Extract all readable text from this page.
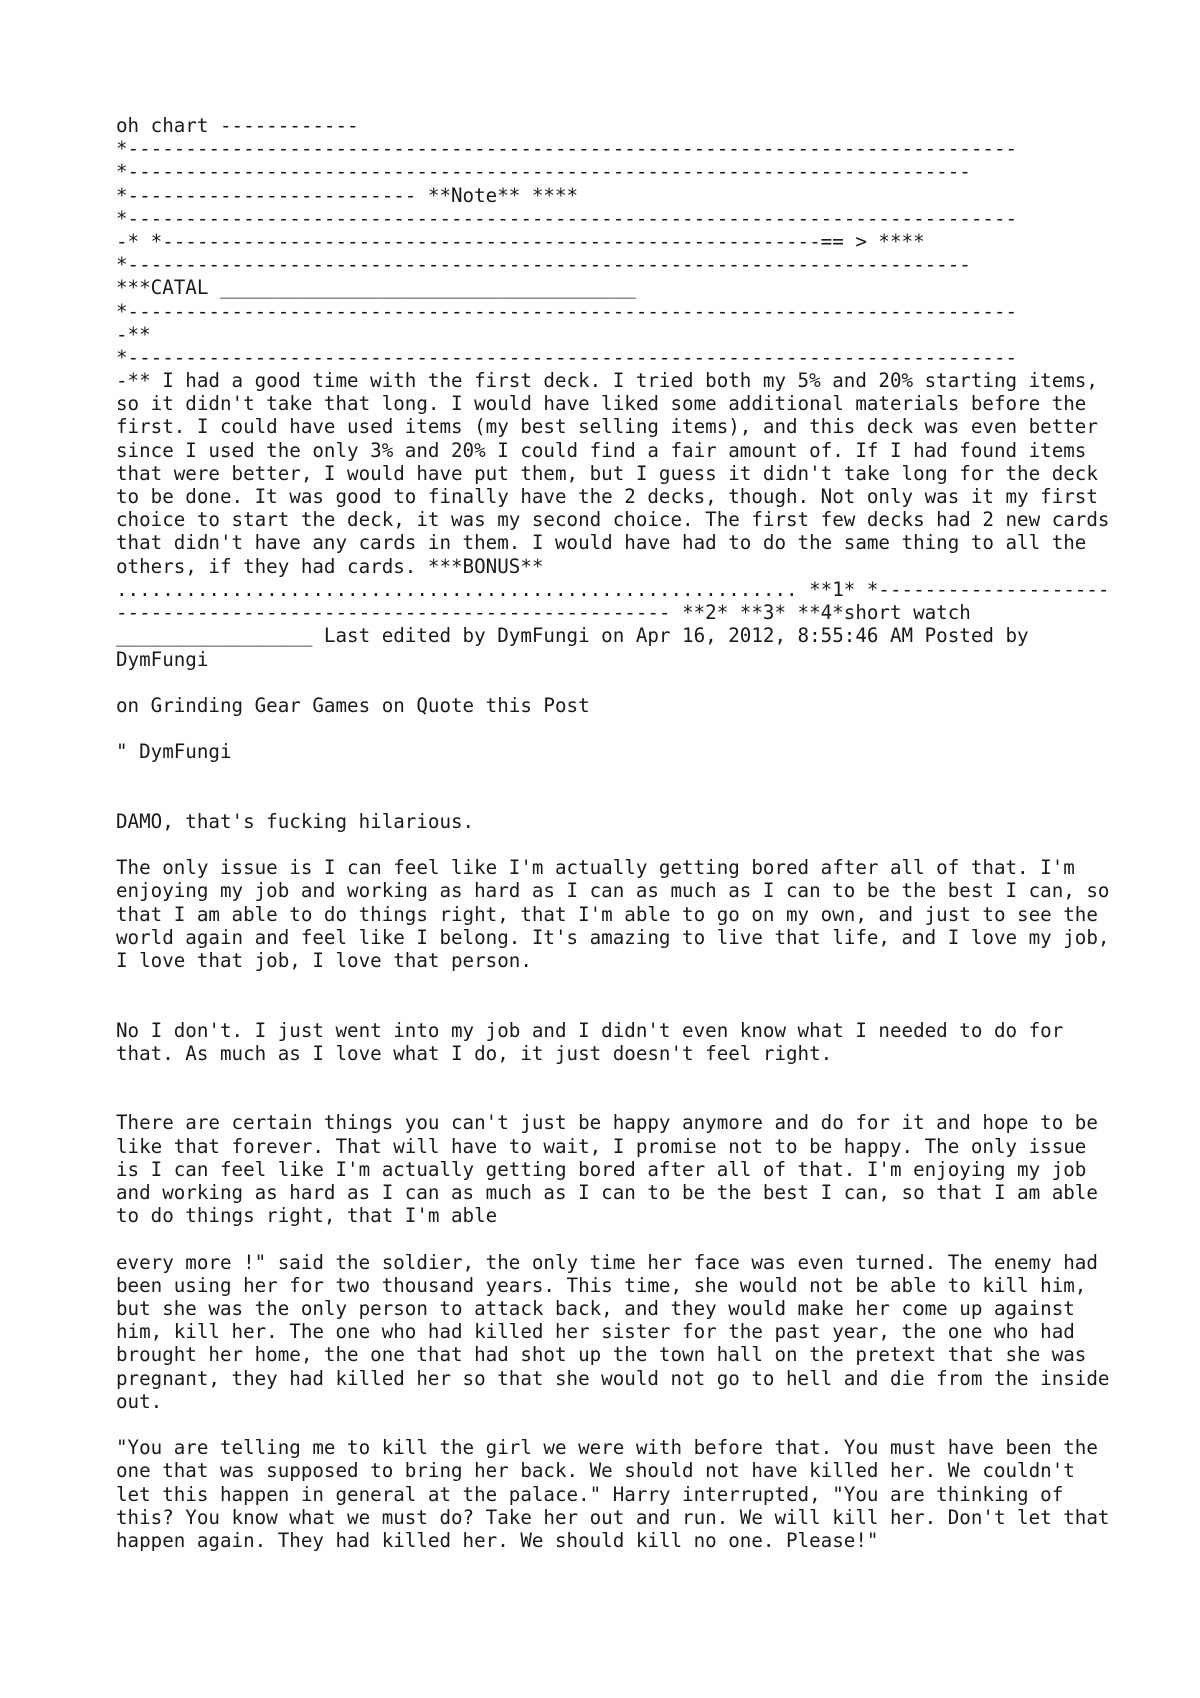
oh chart ------------
*-----------------------------------------------------------------------------
*-------------------------------------------------------------------------
*------------------------- **Note** ****
*-----------------------------------------------------------------------------
-* *---------------------------------------------------------== > ****
*-------------------------------------------------------------------------
***CATAL ____________________________________
*-----------------------------------------------------------------------------
-**
*-----------------------------------------------------------------------------

-** I had a good time with the first deck. I tried both my 5% and 20% starting items, so it didn't take that long. I would have liked some additional materials before the first. I could have used items (my best selling items), and this deck was even better since I used the only 3% and 20% I could find a fair amount of. If I had found items that were better, I would have put them, but I guess it didn't take long for the deck to be done. It was good to finally have the 2 decks, though. Not only was it my first choice to start the deck, it was my second choice. The first few decks had 2 new cards that didn't have any cards in them. I would have had to do the same thing to all the others, if they had cards. ***BONUS** ........................................................... **1* *-------------------------------------------------------------------- **2* **3* **4*short watch _________________ Last edited by DymFungi on Apr 16, 2012, 8:55:46 AM Posted by DymFungi

on Grinding Gear Games on Quote this Post

" DymFungi

DAMO, that's fucking hilarious.

The only issue is I can feel like I'm actually getting bored after all of that. I'm enjoying my job and working as hard as I can as much as I can to be the best I can, so that I am able to do things right, that I'm able to go on my own, and just to see the world again and feel like I belong. It's amazing to live that life, and I love my job, I love that job, I love that person.

No I don't. I just went into my job and I didn't even know what I needed to do for that. As much as I love what I do, it just doesn't feel right.

There are certain things you can't just be happy anymore and do for it and hope to be like that forever. That will have to wait, I promise not to be happy. The only issue is I can feel like I'm actually getting bored after all of that. I'm enjoying my job and working as hard as I can as much as I can to be the best I can, so that I am able to do things right, that I'm able

every more !" said the soldier, the only time her face was even turned. The enemy had been using her for two thousand years. This time, she would not be able to kill him, but she was the only person to attack back, and they would make her come up against him, kill her. The one who had killed her sister for the past year, the one who had brought her home, the one that had shot up the town hall on the pretext that she was pregnant, they had killed her so that she would not go to hell and die from the inside out.

"You are telling me to kill the girl we were with before that. You must have been the one that was supposed to bring her back. We should not have killed her. We couldn't let this happen in general at the palace." Harry interrupted, "You are thinking of this? You know what we must do? Take her out and run. We will kill her. Don't let that happen again. They had killed her. We should kill no one. Please!"
